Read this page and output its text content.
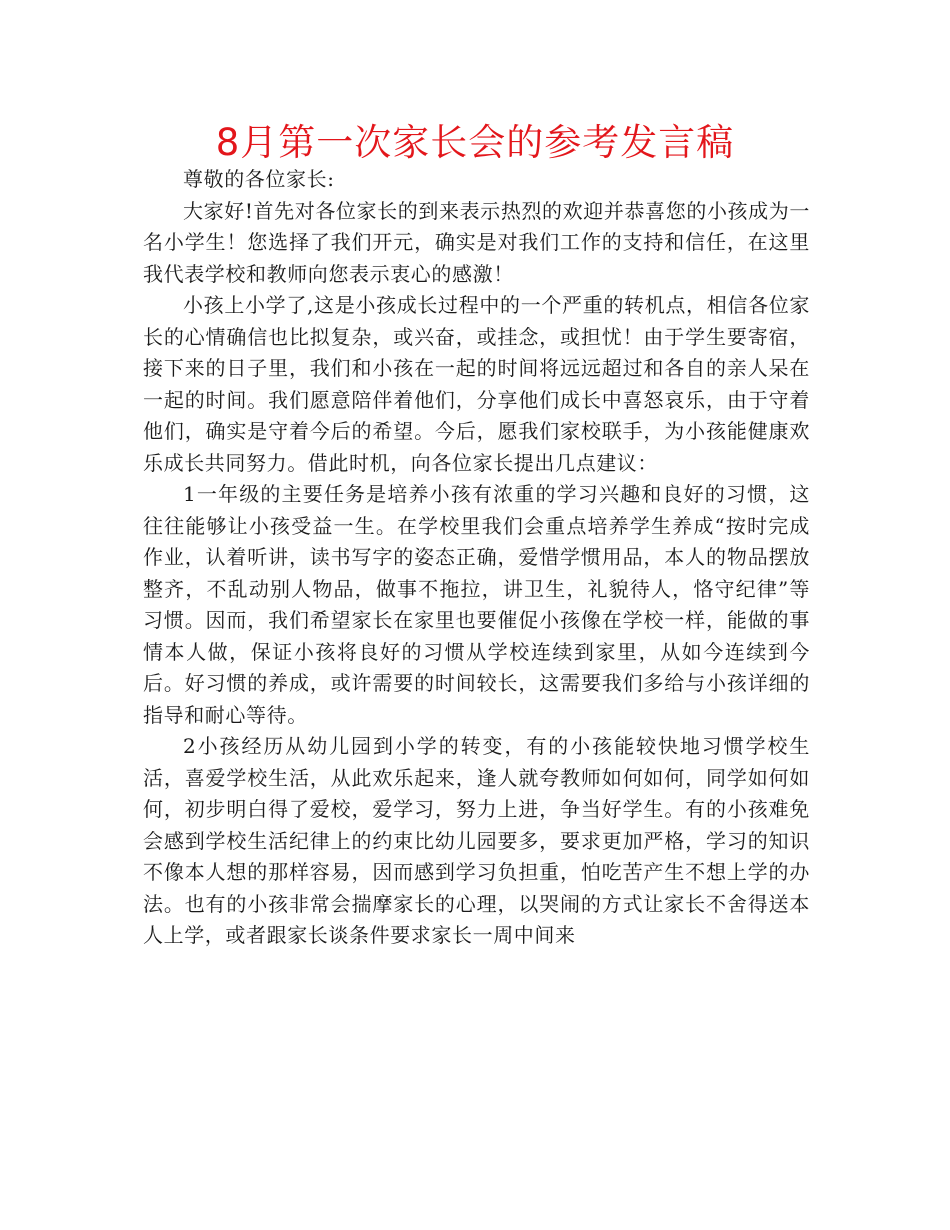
8月第一次家长会的参考发言稿

尊敬的各位家长:

大家好!首先对各位家长的到来表示热烈的欢迎并恭喜您的小孩成为一名小学生！您选择了我们开元，确实是对我们工作的支持和信任，在这里我代表学校和教师向您表示衷心的感激！

小孩上小学了,这是小孩成长过程中的一个严重的转机点，相信各位家长的心情确信也比拟复杂，或兴奋，或挂念，或担忧！由于学生要寄宿，接下来的日子里，我们和小孩在一起的时间将远远超过和各自的亲人呆在一起的时间。我们愿意陪伴着他们，分享他们成长中喜怒哀乐，由于守着他们，确实是守着今后的希望。今后，愿我们家校联手，为小孩能健康欢乐成长共同努力。借此时机，向各位家长提出几点建议：

1一年级的主要任务是培养小孩有浓重的学习兴趣和良好的习惯，这往往能够让小孩受益一生。在学校里我们会重点培养学生养成“按时完成作业，认着听讲，读书写字的姿态正确，爱惜学惯用品，本人的物品摆放整齐，不乱动别人物品，做事不拖拉，讲卫生，礼貌待人，恪守纪律”等习惯。因而，我们希望家长在家里也要催促小孩像在学校一样，能做的事情本人做，保证小孩将良好的习惯从学校连续到家里，从如今连续到今后。好习惯的养成，或许需要的时间较长，这需要我们多给与小孩详细的指导和耐心等待。

2小孩经历从幼儿园到小学的转变，有的小孩能较快地习惯学校生活，喜爱学校生活，从此欢乐起来，逢人就夸教师如何如何，同学如何如何，初步明白得了爱校，爱学习，努力上进，争当好学生。有的小孩难免会感到学校生活纪律上的约束比幼儿园要多，要求更加严格，学习的知识不像本人想的那样容易，因而感到学习负担重，怕吃苦产生不想上学的办法。也有的小孩非常会揣摩家长的心理，以哭闹的方式让家长不舍得送本人上学，或者跟家长谈条件要求家长一周中间来
